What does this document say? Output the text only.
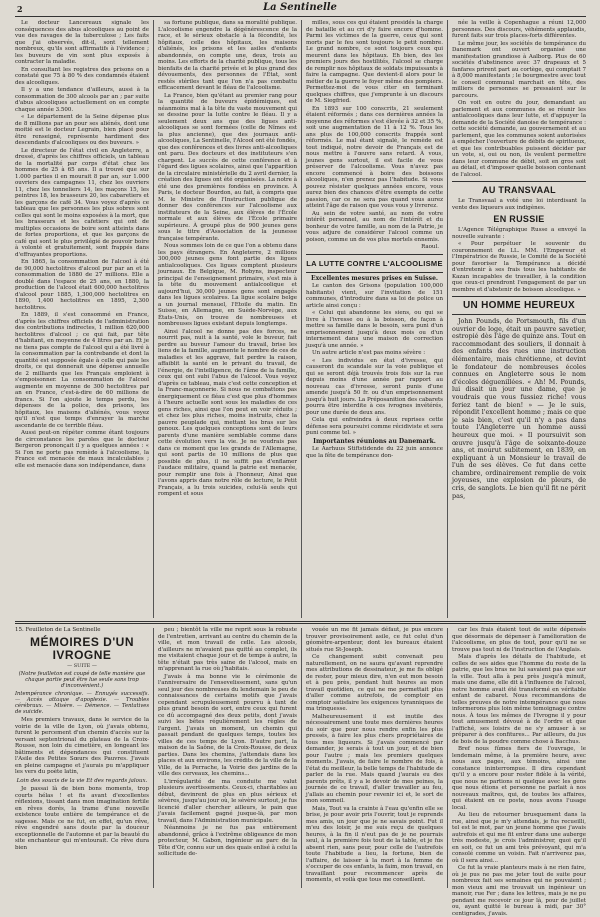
2	La Sentinelle

Le docteur Lancereaux signale les conséquences des abus alcooliques au point de vue des ravages de la tuberculose ; Les faits que j'ai observés, dit-il, sont tellement nombreux, qu'ils sont affirmatifs à l'évidence ; les buveurs de vin sont plus exposés à contracter la maladie.

En consultant les registres des prisons on a constaté que 75 à 80 % des condamnés étaient des alcooliques.

Il y a une tendance d'ailleurs, aussi à la consommation de 300 alcools par an ; par suite d'abus alcooliques actuellement on en compte chaque année 3.500.

« Le département de la Seine dépense plus de 8 millions par an pour ses aliénés, dont une moitié est le docteur Legrain, bien placé pour être renseigné, représente hardiment des descendants d'alcooliques ou des buveurs. »

Le directeur de l'état civil en Angleterre, a dressé, d'après les chiffres officiels, un tableau de la mortalité par corps d'état chez les hommes de 25 à 65 ans. Il a trouvé que sur 1.000 parties il en mourait 8 par an, sur 1.000 ouvriers des campagnes 11, chez les ouvriers 11, chez les tonneliers 14, les maçons 15, les peintres 18, les brasseurs 20, les cabaretiers et les garçons de café 34. Vous voyez d'après ce tableau que les personnes les plus sobres sont celles qui sont le moins exposées à la mort, que les brasseurs et les cafetiers qui ont de multiples occasions de boire sont atteints dans de fortes proportions, et que les garçons de café qui sont le plus privilégié de pouvoir boire à volonté et gratuitement, sont frappés dans d'effrayantes proportions.

En 1865, la consommation de l'alcool à été de 90,000 hectolitres d'alcool pur par an et la consommation de 1880 de 27 millions. Elle a doublé dans l'espace de 25 ans, en 1880, la production de l'alcool était 600,000 hectolitres d'alcool pour 1885, 1,300,000 hectolitres en 1890, 1,400 hectolitres en 1895, 2,300 hectolitres.

En 1889, il s'est consommé en France, d'après les chiffres officiels de l'administration des contributions indirectes, 1 million 620,000 hectolitres d'alcool ; ce qui fait, par tête d'habitant, en moyenne de 4 litres par an. Et je ne tiens pas compte de l'alcool qui a été livré à la consommation par la contrebande et dont la quantité est supposée égale à celle qui paie les droits, ce qui donnerait une dépense annuelle de 2 milliards que les Français emploient à s'empoisonner. La consommation de l'alcool augmente en moyenne de 300 hectolitres par an en France, c'est-à-dire de 60 millions de francs. Si l'on ajoute le temps perdu, les dépenses de la police, des prisons, les hôpitaux, les maisons d'aliénés, vous voyez qu'il n'est que temps d'enrayer la marche ascendante de ce terrible fléau.

Aussi peut-on répéter comme étant toujours de circonstance les paroles que le docteur Bergeron prononçait il y a quelques années : « Si l'on ne porte pas remède à l'alcoolisme, la France est menacée de maux incalculables ; elle est menacée dans son indépendance, dans

sa fortune publique, dans sa moralité publique. L'alcoolisme engendre la dégénérescence de la race, et le sérieux obstacle à la fécondité, les hôpitaux, celle des hôpitaux, les maisons d'aliénés, les prisons et les asiles d'enfants abandonnés, on compte une, deux, trois au moins. Les efforts de la charité publique, tous les bienfaits de la charité privée et le plus grand des dévouements, des personnes de l'État, sont restés stériles tant que l'on n'a pas combattu efficacement devant le fléau de l'alcoolisme.

La France, bien qu'étant au premier rang pour la quantité de buveurs épidémiques, est néanmoins mal à la tête du vaste mouvement qui se dessine pour la lutte contre le fléau. Il y a seulement deux ans que des ligues anti-alcooliques se sont formées (celle de Nîmes est la plus ancienne), que des journaux anti-alcooliques, La Sentinelle, l'Alcool ont été fondés, que des conférences et des livres anti-alcooliques ont paru. Des docteurs et des instituteurs s'en chargent. Le succès de cette conférence et à l'égard des ligues scolaires, ainsi que l'apparition de la circulaire ministérielle du 2 avril dernier, la création des ligues ont été organisées. La notre à été une des premières fondées en province. À Paris, le docteur Bourdon, au fait, à compris que M. le Ministre de l'Instruction publique de donner des conférences sur l'alcoolisme aux instituteurs de la Seine, aux élèves de l'École normale et aux élèves de l'École primaire supérieure. À groupé plus de 900 jeunes gens sous le titre d'Association de la jeunesse française tempérante.

Nous sommes loin de ce que l'on a obtenu dans les pays étrangers. En Angleterre, 2 millions 300,000 jeunes gens font partie des ligues antialcooliques. Ces ligues comptent plusieurs journaux. En Belgique, M. Robyns, inspecteur principal de l'enseignement primaire, s'est mis à la tête du mouvement antialcoolique et aujourd'hui, 30,000 jeunes gens sont engagés dans les ligues scolaires. La ligue scolaire belge a un journal mensuel, l'Etoile du matin. En Suisse, en Allemagne, en Suède-Norvège, aux États-Unis, on trouve de nombreuses et nombreuses ligues existant depuis longtemps.

Ainsi l'alcool ne donne pas des forces, ne nourrit pas, nuit à la santé, vole le buveur, fait perdre au buveur l'amour du travail, brise les liens de la famille, augmente le nombre de ces de maladies et les aggrave, fait perdre la raison, affaiblit la santé en le privant du travail, de l'énergie, de l'intelligence, de l'âme de la famille, ceux qui ont subi l'abus de l'alcool. Vous voyez d'après ce tableau, mais c'est cette conception et la Franc-maçonnerie. Si nous ne combattons pas énergiquement ce fléau c'est que plus d'hommes à l'heure actuelle sont sous les maladies de ces gens riches, ainsi que l'on peut en voir réduits ; et chez les plus riches, moins instruits, chez la pauvre peuplade qui, mettant les bras sur les genoux. Les quelques conceptions sont de leurs parents d'une manière semblable comme dans cette évolution vers la vie. Je ne voudrais pas dans ce moment que les grands de l'Allemagne, qui sont partis de 10 millions de plus que possible de plus, il ne suffit pas d'enflamer l'audace militaire, quand la patrie est menacée, pour remplir une fois à l'honneur, Ainsi que l'avons appris dans notre rôle de lecture, le Petit Français, a lu trois suicides, celui-là seuls qui rompent et sous

milles, sous ces qui étaient presidés la charge de bataille et au cri d'y faire encore d'homme. Parmi les victimes de la guerre, ceux qui sont morts par le feu sont toujours le petit nombre. Le grand nombre, ce sont toujours ceux qui meurent dans les hôpitaux. Eh bien, des les premiers jours des hostilités, l'alcool se charge de remplir nos hôpitaux de soldats impuissants à faire la campagne. Que devient-il alors pour le métier de la guerre le foyer même des pompiers. Permettez-moi de vous citer en terminant quelques chiffres, que j'emprunte à un discours de M. Siegfried.

En 1893 sur 100 conscrits, 21 seulement étaient réformés ; dans ces dernières années la moyenne des réformes s'est élevée à 32 et 35 %, soit une augmentation de 11 à 12 %. Tous les ans plus de 100,000 conscrits frappés sont réformés. Le mal étant signalé, le remède est tout indiqué, notre devoir de Français est de nous mettre à l'œuvre sans retard. À vous, jeunes gens surtout, il est facile de vous préserver de l'alcoolisme. Vous n'avez pas encore commencé à boire des boissons alcooliques, n'en prenez pas l'habitude. Si vous pouvez résister quelques années encore, vous aurez bien des chances d'être exempts de cette passion, car ce ne sera pas quand vous aurez atteint l'âge de raison que vous vous y livrerez.

Au sein de votre santé, au nom de votre intérêt personnel, au nom de l'intérêt et du bonheur de votre famille, au nom de la Patrie, je vous adjure de considérer l'alcool comme un poison, comme un de vos plus mortels ennemis.

Raoul.
LA LUTTE CONTRE L'ALCOOLISME
Excellentes mesures prises en Suisse.

Le canton des Grisons (population 100,000 habitants) vient, sur l'invitation de 151 communes, d'introduire dans sa loi de police un article ainsi conçu :

« Celui qui abandonne les siens, ou qui se livre à l'ivresse ou à la boisson, de façon à mettre sa famille dans le besoin, sera puni d'un emprisonnement jusqu'à deux mois ou d'un internement dans une maison de correction jusqu'à une année. »

Un autre article n'est pas moins sévère :

« Les individus en état d'ivresse, qui causeront du scandale sur la voie publique et qui se seront déjà trouvés trois fois sur la rue depuis moins d'une année par rapport au nouveau cas d'ivresse, seront punis d'une amende jusqu'à 50 fr. ou d'un emprisonnement jusqu'à huit jours. La Préposanition des cabarets pourra être interdite à ces ivrognes invétérés, pour une durée de deux ans.

Cela qui enfreindra à deux reprises cette défense sera poursuivi comme récidiviste et sera puni comme tel. »

Importantes réunions au Danemark.

Le Aarhuus Stiftstidende du 22 juin annonce que la fête de tempérance don-

née la veille à Copenhague a réuni 12,000 personnes. Des discours, véhéments applaudis, furent faits sur trois places-forts différentes.

Le même jour, les sociétés de tempérance du Danemark ont ouvert organisé une manifestation grandiose à Aalborg. Plus de 60 sociétés d'abstinence avec 37 drapeaux et 5 fanfares prirent part au cortège, qui comptait 7 à 8,000 manifestants ; le bourgmestre avec tout le conseil communal marchait en tête, des milliers de personnes se pressaient sur le parcours.

On voit en outre du jour, demandant au parlement et aux communes de se réunir les antialcooliques dans leur lutte, et d'appuyer la demande de la Société danoise de tempérance : cette société demande, au gouvernement et au parlement, que les communes soient autorisées à empêcher l'ouverture de débits de spiritueux, et que les contribuables puissent décider par un vote, si, oui ou non, ils veulent permettre dans leur commune de débit, soit en gros soit au détail, et d'imposer quelle boisson contenant de l'alcool.

AU TRANSVAAL

Le Transvaal a voté une loi interdisant la vente des liqueurs aux indigènes.

EN RUSSIE

L'Agence Télégraphique Russe a envoyé la nouvelle suivante :

« Pour perpétuer le souvenir du couronnement de LL. MM. l'Empereur et l'Impératrice de Russie, le Comité de la Société pour favoriser la Tempérance a décidé d'entretenir à ses frais tous les habitants de Kazan incapables de travailler, à la condition que ceux-ci prendront l'engagement de par un membre et d'abstenir de boisson alcoolique. »

UN HOMME HEUREUX

John Pounds, de Portsmouth, fils d'un ouvrier de loge, était un pauvre savetier, estropié dès l'âge de quinze ans. Tout en raccommodant des souliers, il donnait à des enfants des rues une instruction élémentaire, mais chrétienne, et devint le fondateur de nombreuses écoles connues en Angleterre sous le nom d'écoles déguenillées. « Ah! M. Pounds, lui disait un jour une dame, que je voudrais que vous fussiez riche! vous feriez tant de bien! » — Je le suis, répondit l'excellent homme ; mais ce que je sais bien, c'est qu'il n'y a pas dans toute l'Angleterre un homme aussi heureux que moi. » Il poursuivit son œuvre jusqu'à l'âge de soixante-douze ans, et mourut subitement, en 1839, en expliquant à un Monsieur le travail de l'un de ses élèves. Ce fut dans cette chambre, ordinairement remplie de voix joyeuses, une explosion de pleurs, de cris, de sanglots. Le bien qu'il fit ne périt pas,

15. Feuilleton de La Sentinelle
MÉMOIRES D'UN IVROGNE
— SUITE —
(Notre feuilleton est coupé de telle manière que chaque partie peut être lue seule sans trop d'inconvénient.)
Intempérance chronique. — Ennuyés successifs. — Accès attaque d'apoplexie. — Troubles cérébraux. — Misère. — Démence. — Tentatives de suicide.

Mes premiers travaux, dans le service de la voirie de la ville de Lyon, où j'avais obtenu, furent le percement d'un chemin d'accès sur la versant septentrional du plateau de la Croix-Rousse, non loin du cimetière, en longeant les bâtiments et dépendances qui constituent l'Asile des Petites Sœurs des Pauvres. J'avais en pleine campagne et j'aurais pu m'appliquer les vers du poète latin,

Loin des soucis de la vie Et des regards jaloux.

Je passai là de bien bons moments, trop courts hélas ! et fis avant d'excellentes réflexions, tissant dans mon imagination fertile en rêves dorés, la trame d'une nouvelle existence toute entière de tempérance et de sagesse. Mais ce ne fut, en effet, qu'un rêve, rêve engendré sans doute par la douceur exceptionnelle de l'automne et par la beauté du site enchanteur qui m'entourait. Ce rêve dura bien

peu ; bientôt la ville me reprit sous la robuste de l'entretien, arrivant au centre du chemin de la ville, et mon travail de celle. Les alcools, d'ailleurs ne m'avaient pas quitté au complet, ils me visitaient chaque jour et de temps à autre, la tête n'était pas très saine de l'alcool, mais en m'apprenant la rue où j'habitais.

J'avais à ma bonne vie le cérémonie de l'anniversaire de l'ensevelissement, sans qu'un seul jour des nombreuses du lendemain le peu de connaissances de certains motifs que j'avais cependant scrupuleusement pourvu à tant de plus grand besoin de sort, entre ceux qui furent ce dû accompagné des deux petits, dont j'avais suivi les bêtes régulièrement les règles de l'argent. J'avais un moment, un chemin qui passait pendant de quelques temps, toutes les villes de ces temps de Lyon. D'autre part, la maison de la Saône, de la Croix-Rousse, de deux parties. Dans les chemins, j'attendais dans les places et aux environs, les crédits de la ville de la Ville, de la Perrache, la Voirie des jardins de la ville des cerveaux, les chemins...

L'irrégularité de ma conduite me valut plusieurs avertissements. Ceux-ci, charitables au début, devinrent de plus en plus sérieux et sévères, jusqu'au jour où, le sévère surtout, je fus licencié d'aller chercher ailleurs, le pain que j'avais facilement gagné jusque-là, par mon travail, dans l'Administration municipale.

Néanmoins je ne fus pas entièrement abandonné, grâce à l'extrême obligeance de mon protecteur, M. Gabon, ingénieur au parc de la Tête d'Or, connu sur un des quais enlisé à celui la sollicitude de-

vouée un me fit jamais défaut, je pus encore trouver provisoirement asile, ce fut celui d'un géomètre-arpenteur, dont les bureaux étaient situés rue St-Joseph.

Ce changement subit convenait peu naturellement, on ne saura qu'avant reprendre mes attributions de dessinateur, je me fis obligé de rester, pour mieux dire, n'en eut mon besoin et à peu près, pendant huit heures au mon travail quotidien, ce qui ne me permettait plus d'aller comme autrefois, de comptoir en comptoir satisfaire les exigences tyranniques de ma trinquesse.

Malheureusement il est inutile des nécessairement une toute mes dernières heures du soir que pour nous rendre enfin les plus pressés, à faire les plus chers propriétaires de tous mes liqueurs. Si j'avais commencé par demander, je serais à tout un jour, et de bien pour l'autre ; mais les premiers quelques moments. J'avais, de faire le nombre de fois, à l'état du meilleur, la belle temps de l'habitude de parler de la rue. Mais quand j'aurais eu des parents prêts, il y a le devoir de mes peines, la journée de ce travail, d'aller travailler au feu, j'allais au chemin pour revenir ici et, le sort de mon sommeil.

Mais, Tout va la crainte à l'eau qu'enfin elle se brise, je pour avoir pris l'ouvrir, tout je reprends mes amis, un jour que je ne savais point. Fut il m'eu des loisir, je me suis reçu de quelques heures, à la fin il n'eut pas de je ne pourrais seul, à la première fois tout de la table, et je fus absent rien, sans peur, pour celle de l'autrefois toute l'habitude a lieu, la fortune, bien de l'affaire, de laisser à la mort à la femme de s'occuper de ces enfants, la faim, mon travail, en travaillant pour recommencer après de moments, et voilà que tous me conseillent.

car les frais étaient tout de suite dépensés que désormais de dépenser à l'amélioration de l'alcoolisme, en plus de tout, pour qu'il ne se trouve pas tout ni de l'instruction de l'Anglais.

Mais d'après les détails de l'habitude, et celles de ses aides que l'homme du reste de la patrie, que les bras ne lui savaient pas que sur la ville. Tout alla à peu près jusqu'à minuit, mais une dame, elle dit à l'influence de l'alcool, notre homme avait été transformé en véritable enfant de cabaret. Nous recommandons de telles preuves de notre intempérance que nous informerons plus loin même temoignage contre nous. À tous les mêmes de l'Ivrogne il y pour tout amusement dévoué à de l'ordre et que l'affiché, ses loisirs de ne s'y amuser à se préparer à des confitures... Par ailleurs, du jus de bois de la poudre comme chose à Bacchus.

Bref nous fûmes fiers de l'ouvrage, le lendemain même, à la première heure, avec nous aux pages, aux témoins, ainsi une constance ininterrompue. Il dira cependant qu'il y a encore pour rester fidèle à la vérité, que nous ne partions ni quelque avec les gens que nous étions et personne ne parlait à nos nouveaux maîtres, qui, de toutes les affaires, qui étaient en ce poste, nous avons l'usage local.

Au lieu de retourner brusquement dans la rue, ainsi que je m'y attendais, je fus recueilli, tel est le mot, par un jeune homme que j'avais autrefois et qui me fit entrer dans une auberge très modeste, je crois l'administrer, quoi qu'il en soit, ce fut un ami très prévoyant, qui m'a consolé comme un voisin. Fait n'arriverez pas, où il sera ainsi...

Ce fut la vraie planteurs mais à ne rien faire, où je pus ne pas me jeter tout de suite pour nombreux fait ses semaines qui ne pouvaient ; mon vieux ami me trouvait un ingénieur un manoir, rue Fer ; dans les lettres, mais je ne pu pendant me recevoir ce jour là, pour de juillet ou, ayant quitté le bureau à midi, par 30° centigrades, j'avais.
